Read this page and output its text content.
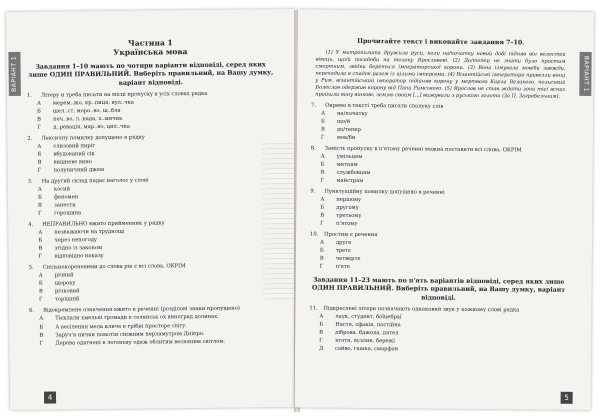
ВАРІАНТ 1
Частина 1
Українська мова
Завдання 1–10 мають по чотири варіанти відповіді, серед яких лише ОДИН ПРАВИЛЬНИЙ. Виберіть правильний, на Вашу думку, варіант відповіді.
1.	Літеру и треба писати на місці пропуску в усіх словах рядка
А	мерем..жо, кр..пиця, вул..чка
Б	шел..ст, моро..во, щ..бля
В	печ..во, л..нада, х..мичик
Г	д..ревація, мар..во, цил..чка
2.	Лексичну помилку допущено в рядку
А	слизовий пиріг
Б	вбудований сік
В	вишневе вино
Г	полуничний джем
3.	На другий склад падає наголос у слові
А	косий
Б	феномен
В	занести
Г	горошина
4.	НЕПРАВИЛЬНО вжито прийменник у рядку
А	незважаючи на труднощі
Б	через непогоду
В	згідно із законом
Г	відповідно наказу
5.	Спільнокореневими до слова рік є всі слова, ОКРІМ
А	річний
Б	щороку
В	річковий
Г	торішній
6.	Відокремлене означення вжито в реченні (розділові знаки пропущено)
А	Тієклали хмельні громади в селянськ ох виноград долинах.
Б	А весілення мела кличе в грібні просторе світу.
В	Заруч'я нички помотіи сніжним перламутром Дніпро.
Г	Дерева одягнені в легеньку одяж облитим весняним світлом.
4
ВАРІАНТ 1
Прочитайте текст і виконайте завдання 7–10.
(1) У митрополита дружила руси, коли на/початку новий добі підняв він волостей вікець, що/й посадоби на толоку Ярославові. (2) До/тепер не знати було простим смертним, звідки береться імператорської корони. (3) Вона ізмувала мов/би завжди, переходила в спадок разом із цілими імперіями. (4) Візантійські імператори привезли вінці у Рим, візантійський імператор підійняв корону у мертвого Карла Великого, польський Болеслав одержав корону від Папи Римського. (5) Ярослав не став ждати зони тієї ясних прийшли вону вінкові: землю свойм [...] вижували з руського золота (За П. Загребельним).
7.	Окремо в тексті треба писати сполуку слів
А	на/початку
Б	що/й
В	до/тепер
Г	мов/би
8.	Замість пропуску в п'ятому реченні можна поставити всі слова, ОКРІМ
А	умільцям
Б	митцям
В	службовцям
Г	майстрам
9.	Пунктуаційну помилку допущено в реченні
А	першому
Б	другому
В	третьому
Г	п'ятому
10.	Простим є речення
А	друге
Б	третє
В	четверте
Г	п'яте
Завдання 11–23 мають по п'ять варіантів відповіді, серед яких лише ОДИН ПРАВИЛЬНИЙ. Виберіть правильний, на Вашу думку, варіант відповіді.
11.	Підкреслені літери позначають однаковий звук у кожному слові рядка
А	лаук, студент, боїцебраї
Б	Настя, сфакія, постійна
В	діброва, бджола, дятел
Г	яготи, вузлик, бережі
Д	сайво, гашка, смарфон
5
